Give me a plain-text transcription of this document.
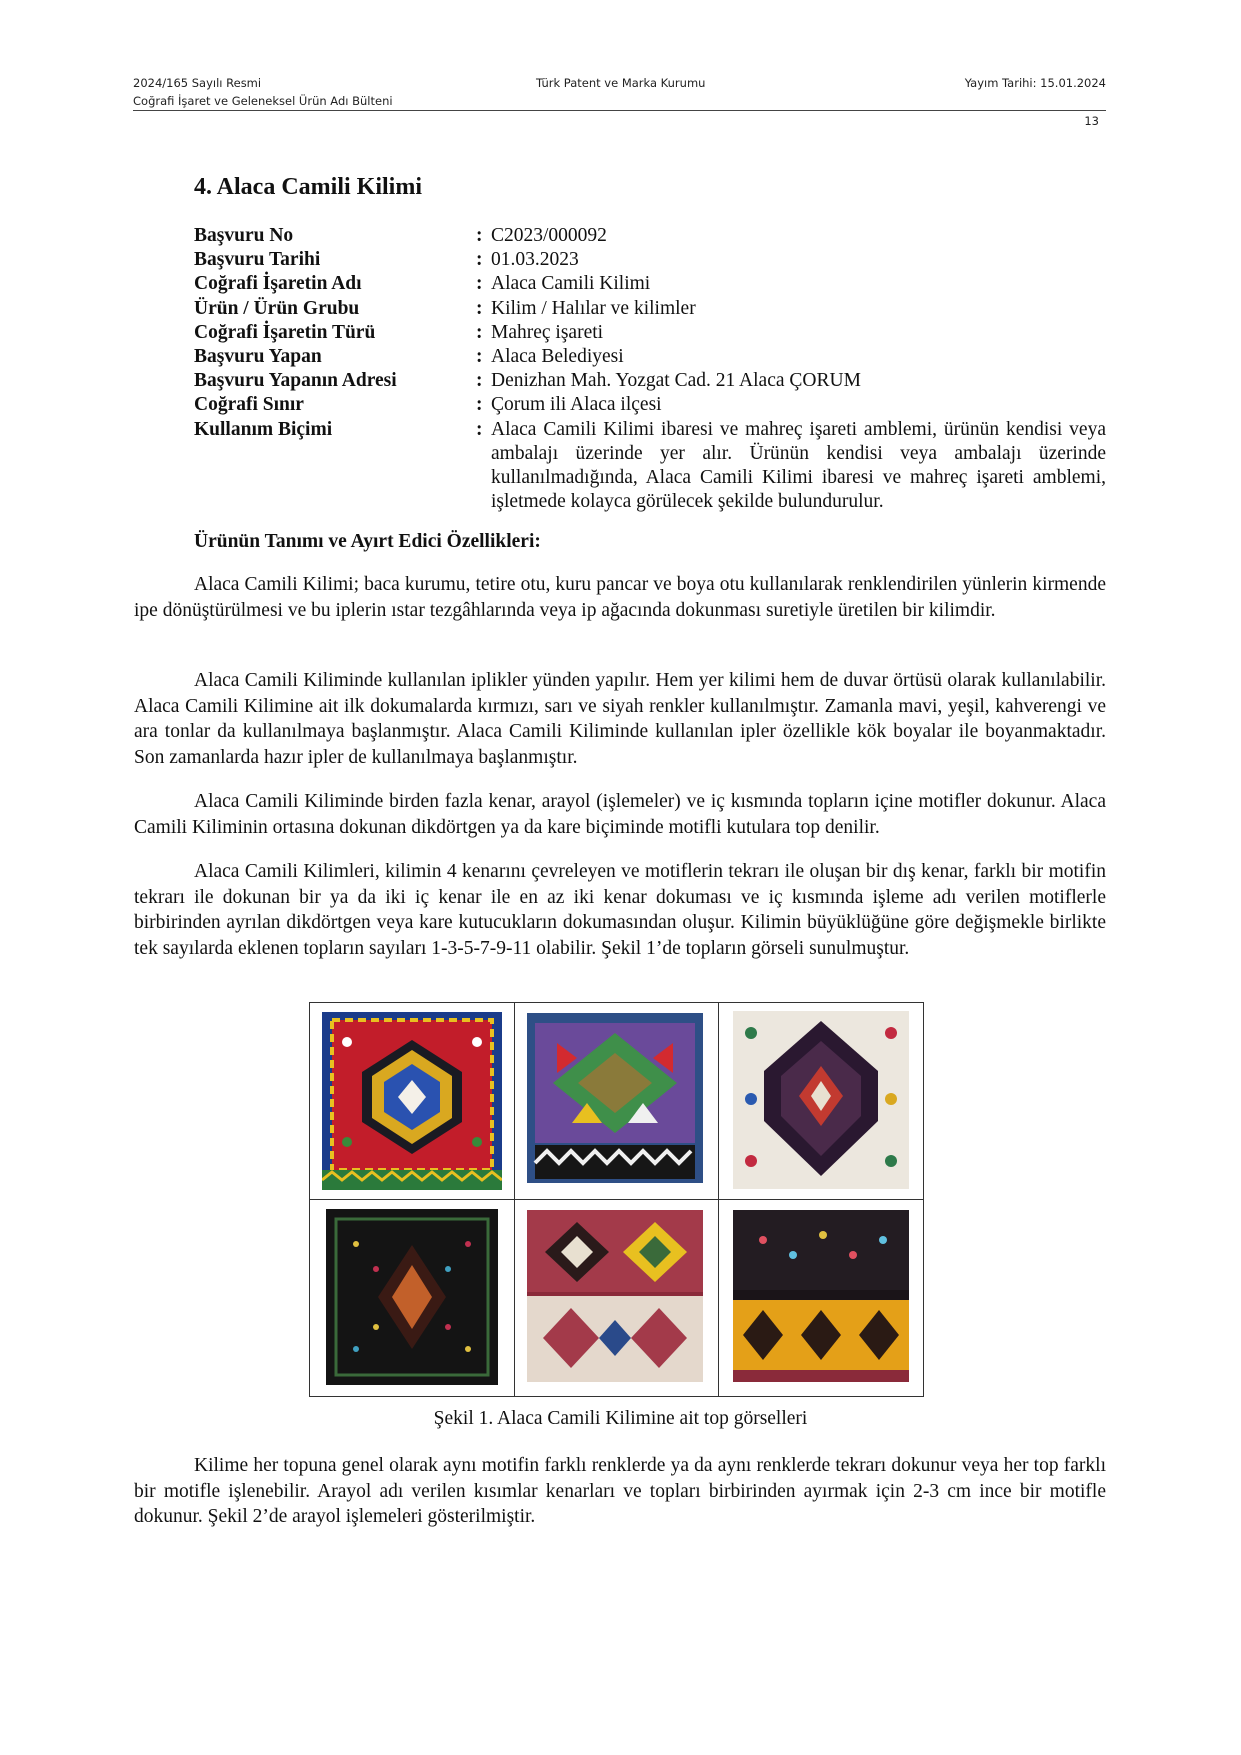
2024/165 Sayılı Resmi
Coğrafi İşaret ve Geleneksel Ürün Adı Bülteni
Türk Patent ve Marka Kurumu	Yayım Tarihi: 15.01.2024
13
4. Alaca Camili Kilimi
Başvuru No	: C2023/000092
Başvuru Tarihi	: 01.03.2023
Coğrafi İşaretin Adı	: Alaca Camili Kilimi
Ürün / Ürün Grubu	: Kilim / Halılar ve kilimler
Coğrafi İşaretin Türü	: Mahreç işareti
Başvuru Yapan	: Alaca Belediyesi
Başvuru Yapanın Adresi	: Denizhan Mah. Yozgat Cad. 21 Alaca ÇORUM
Coğrafi Sınır	: Çorum ili Alaca ilçesi
Kullanım Biçimi	: Alaca Camili Kilimi ibaresi ve mahreç işareti amblemi, ürünün kendisi veya ambalajı üzerinde yer alır. Ürünün kendisi veya ambalajı üzerinde kullanılmadığında, Alaca Camili Kilimi ibaresi ve mahreç işareti amblemi, işletmede kolayca görülecek şekilde bulundurulur.
Ürünün Tanımı ve Ayırt Edici Özellikleri:

Alaca Camili Kilimi; baca kurumu, tetire otu, kuru pancar ve boya otu kullanılarak renklendirilen yünlerin kirmende ipe dönüştürülmesi ve bu iplerin ıstar tezgâhlarında veya ip ağacında dokunması suretiyle üretilen bir kilimdir.

Alaca Camili Kiliminde kullanılan iplikler yünden yapılır. Hem yer kilimi hem de duvar örtüsü olarak kullanılabilir. Alaca Camili Kilimine ait ilk dokumalarda kırmızı, sarı ve siyah renkler kullanılmıştır. Zamanla mavi, yeşil, kahverengi ve ara tonlar da kullanılmaya başlanmıştır. Alaca Camili Kiliminde kullanılan ipler özellikle kök boyalar ile boyanmaktadır. Son zamanlarda hazır ipler de kullanılmaya başlanmıştır.

Alaca Camili Kiliminde birden fazla kenar, arayol (işlemeler) ve iç kısmında topların içine motifler dokunur. Alaca Camili Kiliminin ortasına dokunan dikdörtgen ya da kare biçiminde motifli kutulara top denilir.

Alaca Camili Kilimleri, kilimin 4 kenarını çevreleyen ve motiflerin tekrarı ile oluşan bir dış kenar, farklı bir motifin tekrarı ile dokunan bir ya da iki iç kenar ile en az iki kenar dokuması ve iç kısmında işleme adı verilen motiflerle birbirinden ayrılan dikdörtgen veya kare kutucukların dokumasından oluşur. Kilimin büyüklüğüne göre değişmekle birlikte tek sayılarda eklenen topların sayıları 1-3-5-7-9-11 olabilir. Şekil 1’de topların görseli sunulmuştur.

Şekil 1. Alaca Camili Kilimine ait top görselleri

Kilime her topuna genel olarak aynı motifin farklı renklerde ya da aynı renklerde tekrarı dokunur veya her top farklı bir motifle işlenebilir. Arayol adı verilen kısımlar kenarları ve topları birbirinden ayırmak için 2-3 cm ince bir motifle dokunur. Şekil 2’de arayol işlemeleri gösterilmiştir.
